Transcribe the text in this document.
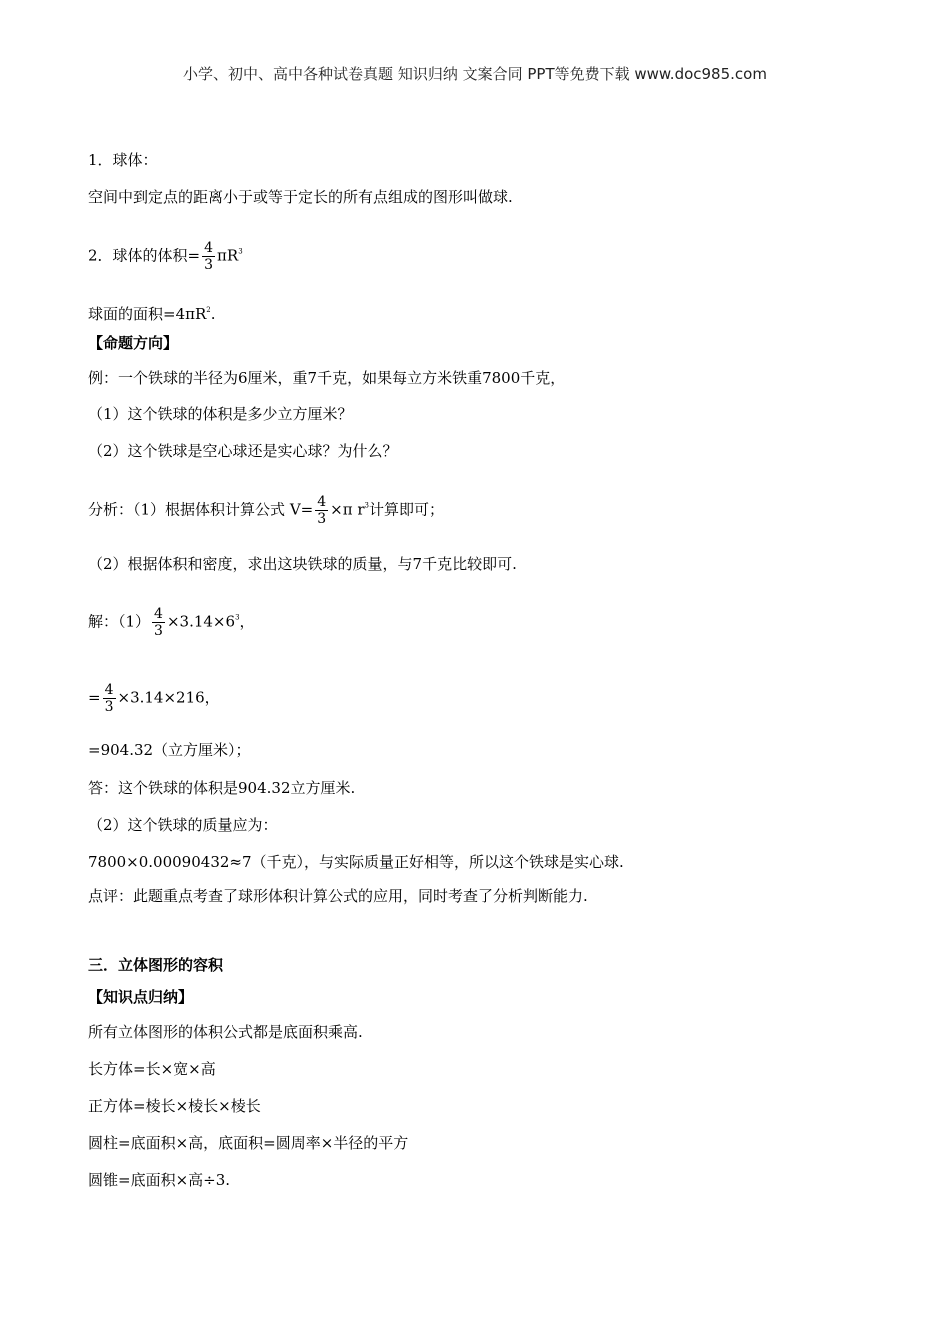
小学、初中、高中各种试卷真题 知识归纳 文案合同 PPT等免费下载 www.doc985.com
1．球体：
空间中到定点的距离小于或等于定长的所有点组成的图形叫做球.
2．球体的体积= $\frac{4}{3} \pi R^3$
球面的面积$=4\pi R^2$.
【命题方向】
例：一个铁球的半径为6厘米，重7千克，如果每立方米铁重7800千克，
（1）这个铁球的体积是多少立方厘米？
（2）这个铁球是空心球还是实心球？为什么？
分析：（1）根据体积计算公式 $V= \frac{4}{3} \times\pi$ $r^3$计算即可；
（2）根据体积和密度，求出这块铁球的质量，与7千克比较即可.
解：$(1) \frac{4}{3} \times 3.14\times 6^3$，
= $\frac{4}{3} \times 3.14\times 216$，
=904.32（立方厘米）；
答：这个铁球的体积是904.32立方厘米.
（2）这个铁球的质量应为：
7800×0.00090432≈7（千克），与实际质量正好相等，所以这个铁球是实心球.
点评：此题重点考查了球形体积计算公式的应用，同时考查了分析判断能力.
三．立体图形的容积
【知识点归纳】
所有立体图形的体积公式都是底面积乘高.
长方体=长×宽×高
正方体=棱长×棱长×棱长
圆柱=底面积×高，底面积=圆周率×半径的平方
圆锥=底面积×高÷3.
